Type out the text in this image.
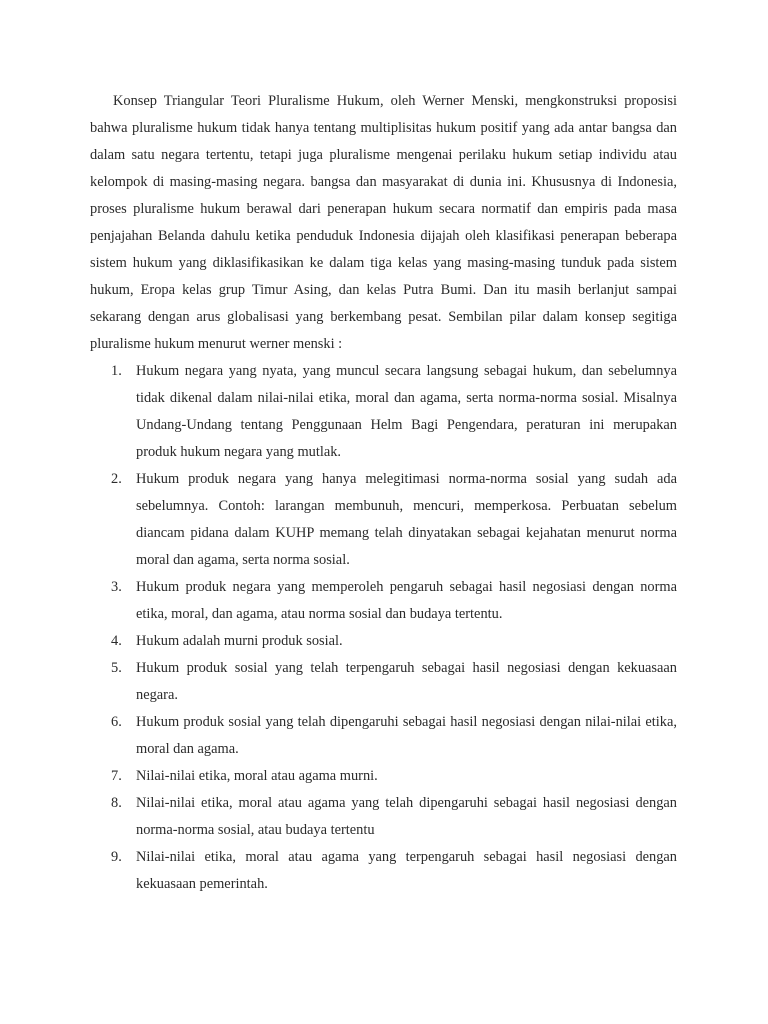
Konsep Triangular Teori Pluralisme Hukum, oleh Werner Menski, mengkonstruksi proposisi bahwa pluralisme hukum tidak hanya tentang multiplisitas hukum positif yang ada antar bangsa dan dalam satu negara tertentu, tetapi juga pluralisme mengenai perilaku hukum setiap individu atau kelompok di masing-masing negara. bangsa dan masyarakat di dunia ini. Khususnya di Indonesia, proses pluralisme hukum berawal dari penerapan hukum secara normatif dan empiris pada masa penjajahan Belanda dahulu ketika penduduk Indonesia dijajah oleh klasifikasi penerapan beberapa sistem hukum yang diklasifikasikan ke dalam tiga kelas yang masing-masing tunduk pada sistem hukum, Eropa kelas grup Timur Asing, dan kelas Putra Bumi. Dan itu masih berlanjut sampai sekarang dengan arus globalisasi yang berkembang pesat. Sembilan pilar dalam konsep segitiga pluralisme hukum menurut werner menski :

1. Hukum negara yang nyata, yang muncul secara langsung sebagai hukum, dan sebelumnya tidak dikenal dalam nilai-nilai etika, moral dan agama, serta norma-norma sosial. Misalnya Undang-Undang tentang Penggunaan Helm Bagi Pengendara, peraturan ini merupakan produk hukum negara yang mutlak.
2. Hukum produk negara yang hanya melegitimasi norma-norma sosial yang sudah ada sebelumnya. Contoh: larangan membunuh, mencuri, memperkosa. Perbuatan sebelum diancam pidana dalam KUHP memang telah dinyatakan sebagai kejahatan menurut norma moral dan agama, serta norma sosial.
3. Hukum produk negara yang memperoleh pengaruh sebagai hasil negosiasi dengan norma etika, moral, dan agama, atau norma sosial dan budaya tertentu.
4. Hukum adalah murni produk sosial.
5. Hukum produk sosial yang telah terpengaruh sebagai hasil negosiasi dengan kekuasaan negara.
6. Hukum produk sosial yang telah dipengaruhi sebagai hasil negosiasi dengan nilai-nilai etika, moral dan agama.
7. Nilai-nilai etika, moral atau agama murni.
8. Nilai-nilai etika, moral atau agama yang telah dipengaruhi sebagai hasil negosiasi dengan norma-norma sosial, atau budaya tertentu
9. Nilai-nilai etika, moral atau agama yang terpengaruh sebagai hasil negosiasi dengan kekuasaan pemerintah.
